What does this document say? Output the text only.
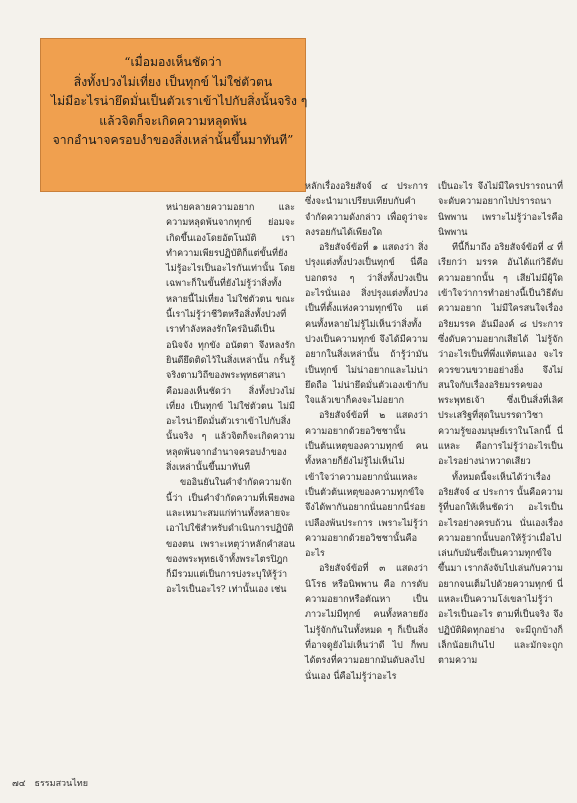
“เมื่อมองเห็นชัดว่า
สิ่งทั้งปวงไม่เที่ยง เป็นทุกข์ ไม่ใช่ตัวตน
ไม่มีอะไรน่ายึดมั่นเป็นตัวเราเข้าไปกับสิ่งนั้นจริง ๆ
แล้วจิตก็จะเกิดความหลุดพ้น
จากอำนาจครอบงำของสิ่งเหล่านั้นขึ้นมาทันที”

หน่ายคลายความอยาก และความหลุดพ้นจากทุกข์ ย่อมจะเกิดขึ้นเองโดยอัตโนมัติ เราทำความเพียรปฏิบัติก็แต่ขั้นที่ยังไม่รู้อะไรเป็นอะไรกันเท่านั้น โดยเฉพาะก็ในขั้นที่ยังไม่รู้ว่าสิ่งทั้งหลายนี้ไม่เที่ยง ไม่ใช่ตัวตน ขณะนี้เราไม่รู้ว่าชีวิตหรือสิ่งทั้งปวงที่เราทำลังหลงรักใคร่อินดีเป็นอนิจจัง ทุกขัง อนัตตา จึงหลงรักยินดียึดติดไว้ในสิ่งเหล่านั้น กรั้นรู้จริงตามวิถีของพระพุทธศาสนาคือมองเห็นชัดว่า สิ่งทั้งปวงไม่เที่ยง เป็นทุกข์ ไม่ใช่ตัวตน ไม่มีอะไรน่ายึดมั่นตัวเราเข้าไปกับสิ่งนั้นจริง ๆ แล้วจิตก็จะเกิดความหลุดพ้นจากอำนาจครอบงำของสิ่งเหล่านั้นขึ้นมาทันที

ขออินยันในคำจำกัดความจักนี้ว่า เป็นคำจำกัดความที่เพียงพอ และเหมาะสมแก่ท่านทั้งหลายจะเอาไปใช้สำหรับดำเนินการปฏิบัติของตน เพราะเหตุว่าหลักคำสอนของพระพุทธเจ้าทั้งพระไตรปิฎก ก็มีรวมแต่เป็นการบ่งระบุให้รู้ว่า อะไรเป็นอะไร? เท่านั้นเอง เช่น

หลักเรื่องอริยสัจจ์ ๔ ประการ ซึ่งจะนำมาเปรียบเทียบกับคำจำกัดความดังกล่าว เพื่อดูว่าจะลงรอยกันได้เพียงใด

อริยสัจจ์ข้อที่ ๑ แสดงว่า สิ่งปรุงแต่งทั้งปวงเป็นทุกข์ นี่คือบอกตรง ๆ ว่าสิ่งทั้งปวงเป็นอะไรนั่นเอง สิ่งปรุงแต่งทั้งปวงเป็นที่ตั้งแห่งความทุกข์ใจ แต่คนทั้งหลายไม่รู้ไม่เห็นว่าสิ่งทั้งปวงเป็นความทุกข์ จึงได้มีความอยากในสิ่งเหล่านั้น ถ้ารู้ว่ามันเป็นทุกข์ ไม่น่าอยากและไม่น่ายึดถือ ไม่น่ายึดมั่นตัวเองเข้ากับใจแล้วเขาก็คงจะไม่อยาก

อริยสัจจ์ข้อที่ ๒ แสดงว่า ความอยากด้วยอวิชชานั้นเป็นต้นเหตุของความทุกข์ คนทั้งหลายก็ยังไม่รู้ไม่เห็นไม่เข้าใจว่าความอยากนั่นแหละ เป็นตัวต้นเหตุของความทุกข์ใจ จึงได้พากันอยากนั่นอยากนี่ร่อยเปลืองพ้นประการ เพราะไม่รู้ว่าความอยากด้วยอวิชชานั้นคืออะไร

อริยสัจจ์ข้อที่ ๓ แสดงว่า นิโรธ หรือนิพพาน คือ การดับความอยากหรือตัณหา เป็นภาวะไม่มีทุกข์ คนทั้งหลายยังไม่รู้จักกันในทั้งหมด ๆ ก็เป็นสิ่งที่อาจดูยังไม่เห็นว่าดี ไป ก็พบได้ตรงที่ความอยากมันดับลงไปนั่นเอง นี่คือไม่รู้ว่าอะไร

เป็นอะไร จึงไม่มีใครปรารถนาที่จะดับความอยากไปปรารถนานิพพาน เพราะไม่รู้ว่าอะไรคือนิพพาน

ทีนี้ก็มาถึง อริยสัจจ์ข้อที่ ๔ ที่เรียกว่า มรรค อันได้แก่วิธีดับความอยากนั้น ๆ เสียไม่มีผู้ใดเข้าใจว่าการทำอย่างนี้เป็นวิธีดับความอยาก ไม่มีใครสนใจเรื่องอริยมรรค อันมีองค์ ๘ ประการซึ่งดับความอยากเสียได้ ไม่รู้จักว่าอะไรเป็นที่พึ่งแท้ตนเอง จะไรควรขวนขวายอย่างยิ่ง จึงไม่สนใจกับเรื่องอริยมรรคของพระพุทธเจ้า ซึ่งเป็นสิ่งที่เลิศประเสริฐที่สุดในบรรดาวิชาความรู้ของมนุษย์เราในโลกนี้ นี่แหละ คือการไม่รู้ว่าอะไรเป็นอะไรอย่างน่าหวาดเสียว

ทั้งหมดนี้จะเห็นได้ว่าเรื่อง อริยสัจจ์ ๔ ประการ นั้นคือความรู้ที่บอกให้เห็นชัดว่า อะไรเป็นอะไรอย่างครบถ้วน นั่นเองเรื่องความอยากนั้นบอกให้รู้ว่าเมื่อไปเล่นกับมันซึ่งเป็นความทุกข์ใจขึ้นมา เรากลังจับไปเล่นกับความอยากจนเต็มไปด้วยความทุกข์ นี่แหละเป็นความโง่เขลาไม่รู้ว่าอะไรเป็นอะไร ตามที่เป็นจริง จึงปฏิบัติผิดทุกอย่าง จะมีถูกบ้างก็เล็กน้อยเกินไป และมักจะถูกตามความ

๗๔ ธรรมสวนไทย
